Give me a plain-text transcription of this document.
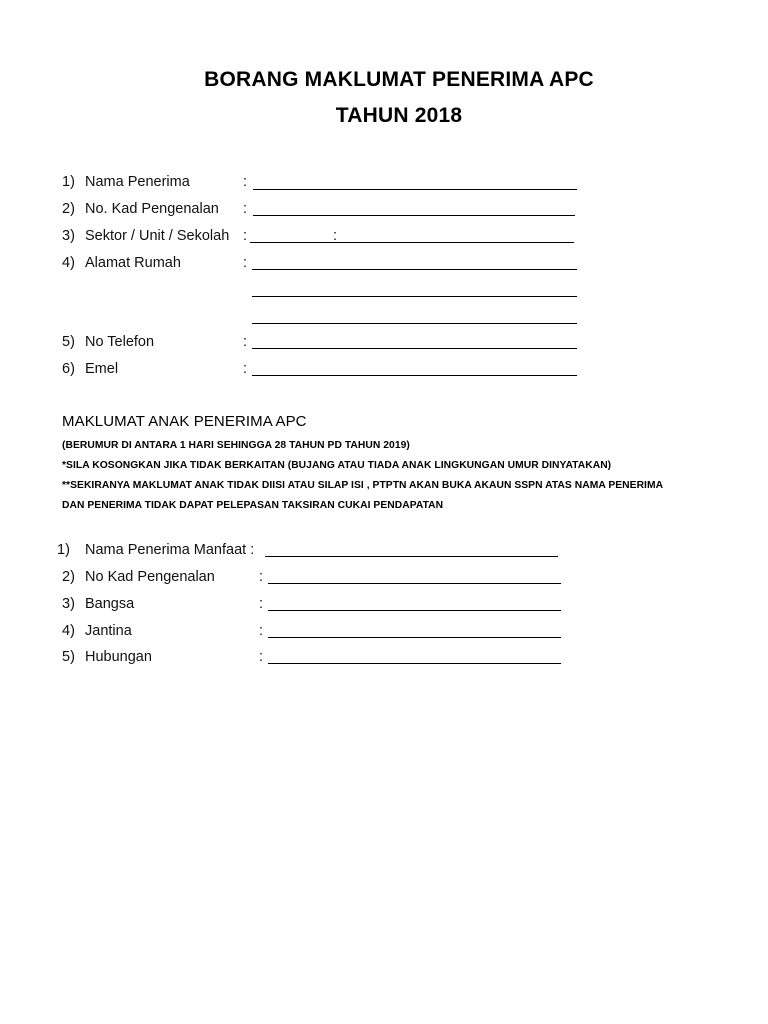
BORANG MAKLUMAT PENERIMA APC
TAHUN 2018
1) Nama Penerima	:
2) No. Kad Pengenalan :
3) Sektor / Unit / Sekolah :	:
4) Alamat Rumah	:
5) No Telefon	:
6) Emel	:
MAKLUMAT ANAK PENERIMA APC
(BERUMUR DI ANTARA 1 HARI SEHINGGA 28 TAHUN PD TAHUN 2019)
*SILA KOSONGKAN JIKA TIDAK BERKAITAN (BUJANG ATAU TIADA ANAK LINGKUNGAN UMUR DINYATAKAN)
**SEKIRANYA MAKLUMAT ANAK TIDAK DIISI ATAU SILAP ISI , PTPTN AKAN BUKA AKAUN SSPN ATAS NAMA PENERIMA
DAN PENERIMA TIDAK DAPAT PELEPASAN TAKSIRAN CUKAI PENDAPATAN
1) Nama Penerima Manfaat :
2) No Kad Pengenalan	:
3) Bangsa	:
4) Jantina	:
5) Hubungan	:
